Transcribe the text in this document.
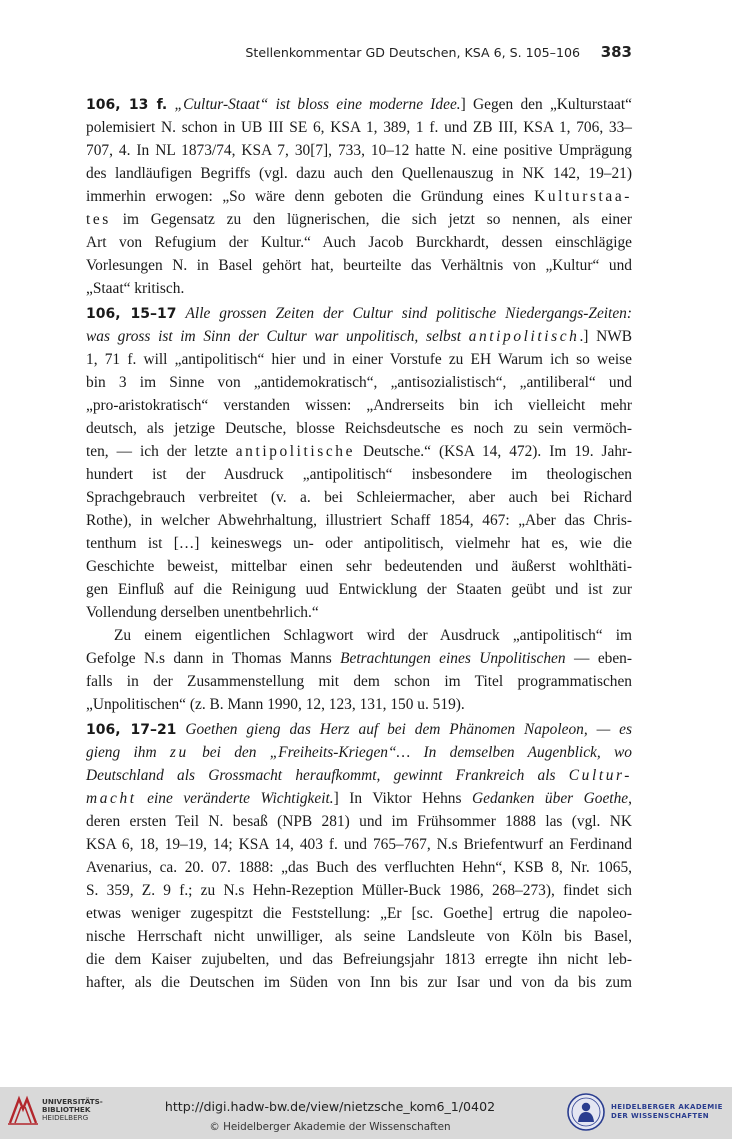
Stellenkommentar GD Deutschen, KSA 6, S. 105–106 383
106, 13 f. „Cultur-Staat“ ist bloss eine moderne Idee.] Gegen den „Kulturstaat“
polemisiert N. schon in UB III SE 6, KSA 1, 389, 1 f. und ZB III, KSA 1, 706, 33–
707, 4. In NL 1873/74, KSA 7, 30[7], 733, 10–12 hatte N. eine positive Umprägung
des landläufigen Begriffs (vgl. dazu auch den Quellenauszug in NK 142, 19–21)
immerhin erwogen: „So wäre denn geboten die Gründung eines Kulturstaa-
tes im Gegensatz zu den lügnerischen, die sich jetzt so nennen, als einer
Art von Refugium der Kultur.“ Auch Jacob Burckhardt, dessen einschlägige
Vorlesungen N. in Basel gehört hat, beurteilte das Verhältnis von „Kultur“ und
„Staat“ kritisch.
106, 15–17 Alle grossen Zeiten der Cultur sind politische Niedergangs-Zeiten:
was gross ist im Sinn der Cultur war unpolitisch, selbst antipolitisch.] NWB
1, 71 f. will „antipolitisch“ hier und in einer Vorstufe zu EH Warum ich so weise
bin 3 im Sinne von „antidemokratisch“, „antisozialistisch“, „antiliberal“ und
„pro-aristokratisch“ verstanden wissen: „Andrerseits bin ich vielleicht mehr
deutsch, als jetzige Deutsche, blosse Reichsdeutsche es noch zu sein vermöch-
ten, — ich der letzte antipolitische Deutsche.“ (KSA 14, 472). Im 19. Jahr-
hundert ist der Ausdruck „antipolitisch“ insbesondere im theologischen
Sprachgebrauch verbreitet (v. a. bei Schleiermacher, aber auch bei Richard
Rothe), in welcher Abwehrhaltung, illustriert Schaff 1854, 467: „Aber das Chris-
tenthum ist […] keineswegs un- oder antipolitisch, vielmehr hat es, wie die
Geschichte beweist, mittelbar einen sehr bedeutenden und äußerst wohlthäti-
gen Einfluß auf die Reinigung uud Entwicklung der Staaten geübt und ist zur
Vollendung derselben unentbehrlich.“
Zu einem eigentlichen Schlagwort wird der Ausdruck „antipolitisch“ im
Gefolge N.s dann in Thomas Manns Betrachtungen eines Unpolitischen — eben-
falls in der Zusammenstellung mit dem schon im Titel programmatischen
„Unpolitischen“ (z. B. Mann 1990, 12, 123, 131, 150 u. 519).
106, 17–21 Goethen gieng das Herz auf bei dem Phänomen Napoleon, — es
gieng ihm zu bei den „Freiheits-Kriegen“… In demselben Augenblick, wo
Deutschland als Grossmacht heraufkommt, gewinnt Frankreich als Cultur-
macht eine veränderte Wichtigkeit.] In Viktor Hehns Gedanken über Goethe,
deren ersten Teil N. besaß (NPB 281) und im Frühsommer 1888 las (vgl. NK
KSA 6, 18, 19–19, 14; KSA 14, 403 f. und 765–767, N.s Briefentwurf an Ferdinand
Avenarius, ca. 20. 07. 1888: „das Buch des verfluchten Hehn“, KSB 8, Nr. 1065,
S. 359, Z. 9 f.; zu N.s Hehn-Rezeption Müller-Buck 1986, 268–273), findet sich
etwas weniger zugespitzt die Feststellung: „Er [sc. Goethe] ertrug die napoleo-
nische Herrschaft nicht unwilliger, als seine Landsleute von Köln bis Basel,
die dem Kaiser zujubelten, und das Befreiungsjahr 1813 erregte ihn nicht leb-
hafter, als die Deutschen im Süden von Inn bis zur Isar und von da bis zum
UNIVERSITÄTS-
BIBLIOTHEK
HEIDELBERG
http://digi.hadw-bw.de/view/nietzsche_kom6_1/0402
© Heidelberger Akademie der Wissenschaften
HEIDELBERGER AKADEMIE
DER WISSENSCHAFTEN
